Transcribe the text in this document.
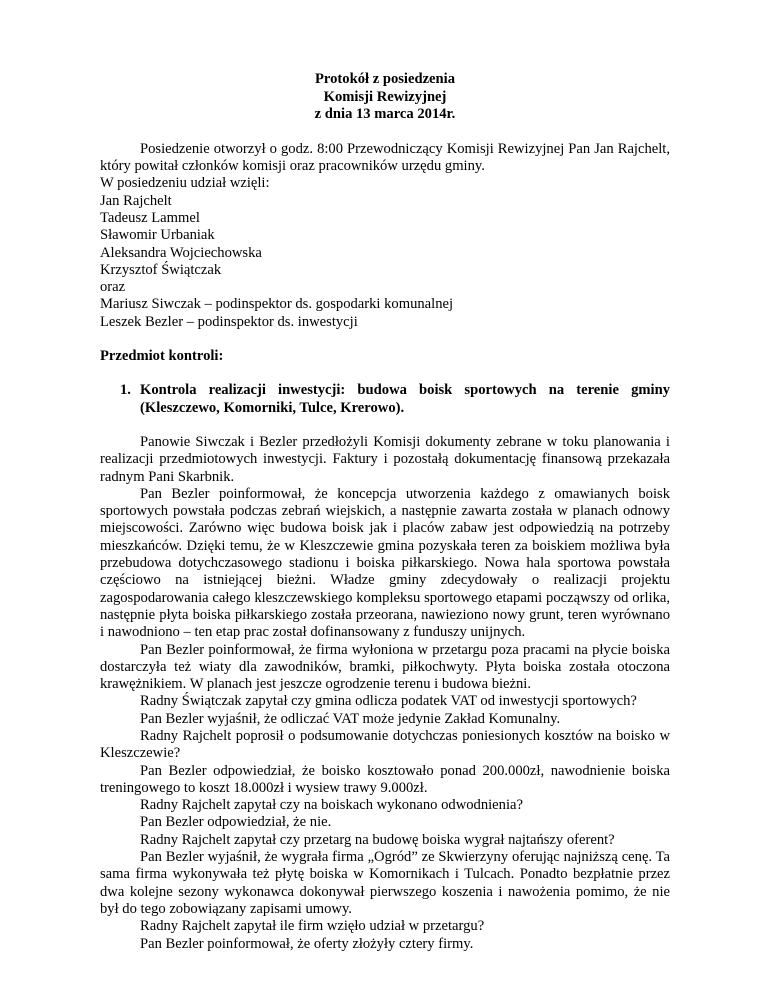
Protokół z posiedzenia
Komisji Rewizyjnej
z dnia 13 marca 2014r.

Posiedzenie otworzył o godz. 8:00 Przewodniczący Komisji Rewizyjnej Pan Jan Rajchelt, który powitał członków komisji oraz pracowników urzędu gminy.

W posiedzeniu udział wzięli:

Jan Rajchelt
Tadeusz Lammel
Sławomir Urbaniak
Aleksandra Wojciechowska
Krzysztof Świątczak
oraz
Mariusz Siwczak – podinspektor ds. gospodarki komunalnej
Leszek Bezler – podinspektor ds. inwestycji

Przedmiot kontroli:

1. Kontrola realizacji inwestycji: budowa boisk sportowych na terenie gminy (Kleszczewo, Komorniki, Tulce, Krerowo).

Panowie Siwczak i Bezler przedłożyli Komisji dokumenty zebrane w toku planowania i realizacji przedmiotowych inwestycji. Faktury i pozostałą dokumentację finansową przekazała radnym Pani Skarbnik.

Pan Bezler poinformował, że koncepcja utworzenia każdego z omawianych boisk sportowych powstała podczas zebrań wiejskich, a następnie zawarta została w planach odnowy miejscowości. Zarówno więc budowa boisk jak i placów zabaw jest odpowiedzią na potrzeby mieszkańców. Dzięki temu, że w Kleszczewie gmina pozyskała teren za boiskiem możliwa była przebudowa dotychczasowego stadionu i boiska piłkarskiego. Nowa hala sportowa powstała częściowo na istniejącej bieżni. Władze gminy zdecydowały o realizacji projektu zagospodarowania całego kleszczewskiego kompleksu sportowego etapami począwszy od orlika, następnie płyta boiska piłkarskiego została przeorana, nawieziono nowy grunt, teren wyrównano i nawodniono – ten etap prac został dofinansowany z funduszy unijnych.

Pan Bezler poinformował, że firma wyłoniona w przetargu poza pracami na płycie boiska dostarczyła też wiaty dla zawodników, bramki, piłkochwyty. Płyta boiska została otoczona krawężnikiem. W planach jest jeszcze ogrodzenie terenu i budowa bieżni.

Radny Świątczak zapytał czy gmina odlicza podatek VAT od inwestycji sportowych?

Pan Bezler wyjaśnił, że odliczać VAT może jedynie Zakład Komunalny.

Radny Rajchelt poprosił o podsumowanie dotychczas poniesionych kosztów na boisko w Kleszczewie?

Pan Bezler odpowiedział, że boisko kosztowało ponad 200.000zł, nawodnienie boiska treningowego to koszt 18.000zł i wysiew trawy 9.000zł.

Radny Rajchelt zapytał czy na boiskach wykonano odwodnienia?

Pan Bezler odpowiedział, że nie.

Radny Rajchelt zapytał czy przetarg na budowę boiska wygrał najtańszy oferent?

Pan Bezler wyjaśnił, że wygrała firma „Ogród” ze Skwierzyny oferując najniższą cenę. Ta sama firma wykonywała też płytę boiska w Komornikach i Tulcach. Ponadto bezpłatnie przez dwa kolejne sezony wykonawca dokonywał pierwszego koszenia i nawożenia pomimo, że nie był do tego zobowiązany zapisami umowy.

Radny Rajchelt zapytał ile firm wzięło udział w przetargu?

Pan Bezler poinformował, że oferty złożyły cztery firmy.
